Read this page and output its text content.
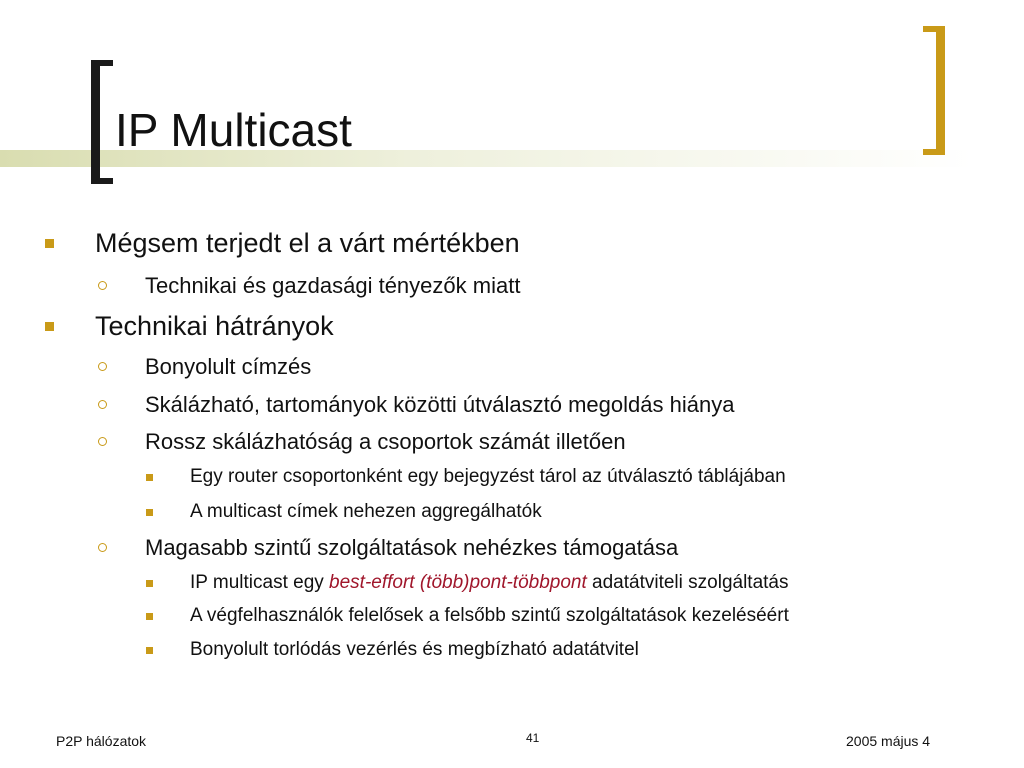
IP Multicast
Mégsem terjedt el a várt mértékben
Technikai és gazdasági tényezők miatt
Technikai hátrányok
Bonyolult címzés
Skálázható, tartományok közötti útválasztó megoldás hiánya
Rossz skálázhatóság a csoportok számát illetően
Egy router csoportonként egy bejegyzést tárol az útválasztó táblájában
A multicast címek nehezen aggregálhatók
Magasabb szintű szolgáltatások nehézkes támogatása
IP multicast egy best-effort (több)pont-többpont adatátviteli szolgáltatás
A végfelhasználók felelősek a felsőbb szintű szolgáltatások kezeléséért
Bonyolult torlódás vezérlés és megbízható adatátvitel
P2P hálózatok	41	2005 május 4
